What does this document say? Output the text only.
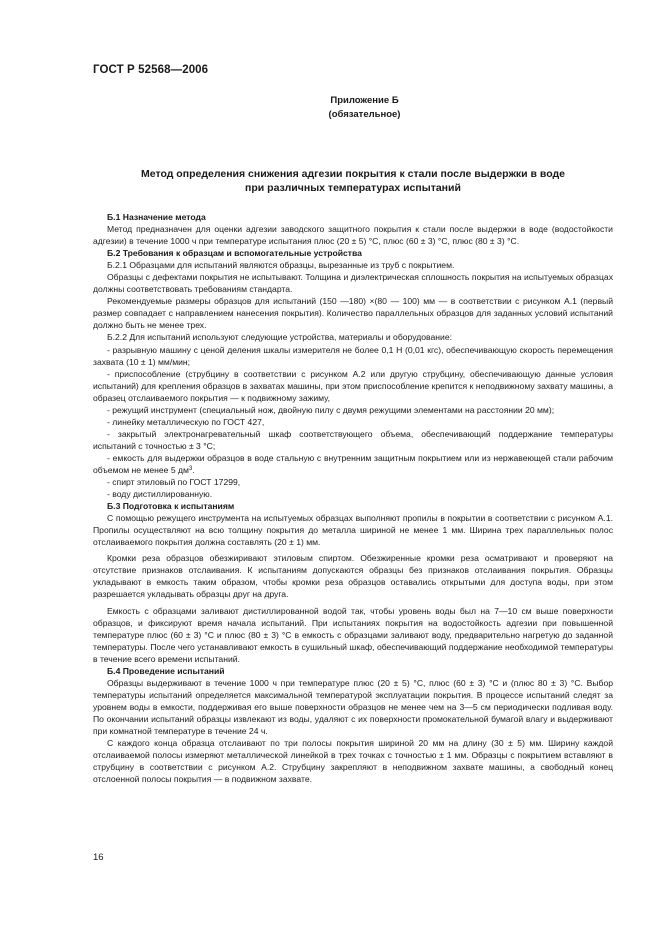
ГОСТ Р 52568—2006
Приложение Б
(обязательное)
Метод определения снижения адгезии покрытия к стали после выдержки в воде
при различных температурах испытаний
Б.1 Назначение метода
Метод предназначен для оценки адгезии заводского защитного покрытия к стали после выдержки в воде (водостойкости адгезии) в течение 1000 ч при температуре испытания плюс (20 ± 5) °С, плюс (60 ± 3) °С, плюс (80 ± 3) °С.
Б.2 Требования к образцам и вспомогательные устройства
Б.2.1 Образцами для испытаний являются образцы, вырезанные из труб с покрытием.
Образцы с дефектами покрытия не испытывают. Толщина и диэлектрическая сплошность покрытия на испытуемых образцах должны соответствовать требованиям стандарта.
Рекомендуемые размеры образцов для испытаний (150 —180) ×(80 — 100) мм — в соответствии с рисунком А.1 (первый размер совпадает с направлением нанесения покрытия). Количество параллельных образцов для заданных условий испытаний должно быть не менее трех.
Б.2.2 Для испытаний используют следующие устройства, материалы и оборудование:
- разрывную машину с ценой деления шкалы измерителя не более 0,1 Н (0,01 кгс), обеспечивающую скорость перемещения захвата (10 ± 1) мм/мин;
- приспособление (струбцину в соответствии с рисунком А.2 или другую струбцину, обеспечивающую данные условия испытаний) для крепления образцов в захватах машины, при этом приспособление крепится к неподвижному захвату машины, а образец отслаиваемого покрытия — к подвижному зажиму,
- режущий инструмент (специальный нож, двойную пилу с двумя режущими элементами на расстоянии 20 мм);
- линейку металлическую по ГОСТ 427,
- закрытый электронагревательный шкаф соответствующего объема, обеспечивающий поддержание температуры испытаний с точностью ± 3 °С;
- емкость для выдержки образцов в воде стальную с внутренним защитным покрытием или из нержавеющей стали рабочим объемом не менее 5 $дм^3$.
- спирт этиловый по ГОСТ 17299,
- воду дистиллированную.
Б.3 Подготовка к испытаниям
С помощью режущего инструмента на испытуемых образцах выполняют пропилы в покрытии в соответствии с рисунком А.1. Пропилы осуществляют на всю толщину покрытия до металла шириной не менее 1 мм. Ширина трех параллельных полос отслаиваемого покрытия должна составлять (20 ± 1) мм.
Кромки реза образцов обезжиривают этиловым спиртом. Обезжиренные кромки реза осматривают и проверяют на отсутствие признаков отслаивания. К испытаниям допускаются образцы без признаков отслаивания покрытия. Образцы укладывают в емкость таким образом, чтобы кромки реза образцов оставались открытыми для доступа воды, при этом разрешается укладывать образцы друг на друга.
Емкость с образцами заливают дистиллированной водой так, чтобы уровень воды был на 7—10 см выше поверхности образцов, и фиксируют время начала испытаний. При испытаниях покрытия на водостойкость адгезии при повышенной температуре плюс (60 ± 3) °С и плюс (80 ± 3) °С в емкость с образцами заливают воду, предварительно нагретую до заданной температуры. После чего устанавливают емкость в сушильный шкаф, обеспечивающий поддержание необходимой температуры в течение всего времени испытаний.
Б.4 Проведение испытаний
Образцы выдерживают в течение 1000 ч при температуре плюс (20 ± 5) °С, плюс (60 ± 3) °С и (плюс 80 ± 3) °С. Выбор температуры испытаний определяется максимальной температурой эксплуатации покрытия. В процессе испытаний следят за уровнем воды в емкости, поддерживая его выше поверхности образцов не менее чем на 3—5 см периодически подливая воду. По окончании испытаний образцы извлекают из воды, удаляют с их поверхности промокательной бумагой влагу и выдерживают при комнатной температуре в течение 24 ч.
С каждого конца образца отслаивают по три полосы покрытия шириной 20 мм на длину (30 ± 5) мм. Ширину каждой отслаиваемой полосы измеряют металлической линейкой в трех точках с точностью ± 1 мм. Образцы с покрытием вставляют в струбцину в соответствии с рисунком А.2. Струбцину закрепляют в неподвижном захвате машины, а свободный конец отслоенной полосы покрытия — в подвижном захвате.
16
